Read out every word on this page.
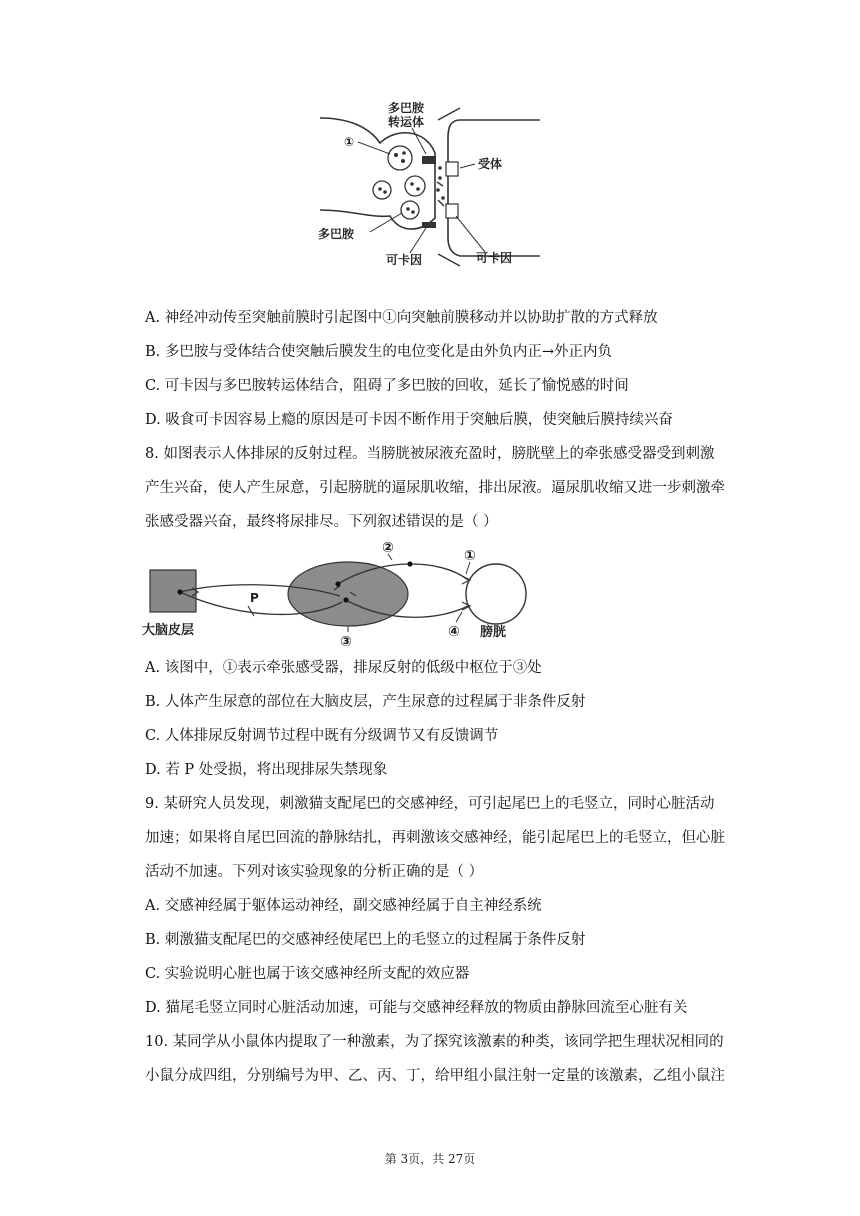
多巴胺
转运体
①
受体
多巴胺
可卡因	可卡因
A. 神经冲动传至突触前膜时引起图中①向突触前膜移动并以协助扩散的方式释放
B. 多巴胺与受体结合使突触后膜发生的电位变化是由外负内正→外正内负
C. 可卡因与多巴胺转运体结合，阻碍了多巴胺的回收，延长了愉悦感的时间
D. 吸食可卡因容易上瘾的原因是可卡因不断作用于突触后膜，使突触后膜持续兴奋
8. 如图表示人体排尿的反射过程。当膀胱被尿液充盈时，膀胱壁上的牵张感受器受到刺激
产生兴奋，使人产生尿意，引起膀胱的逼尿肌收缩，排出尿液。逼尿肌收缩又进一步刺激牵
张感受器兴奋，最终将尿排尽。下列叙述错误的是（ ）
大脑皮层
P
②	①
③
④ 膀胱
A. 该图中，①表示牵张感受器，排尿反射的低级中枢位于③处
B. 人体产生尿意的部位在大脑皮层，产生尿意的过程属于非条件反射
C. 人体排尿反射调节过程中既有分级调节又有反馈调节
D. 若 P 处受损，将出现排尿失禁现象
9. 某研究人员发现，刺激猫支配尾巴的交感神经，可引起尾巴上的毛竖立，同时心脏活动
加速；如果将自尾巴回流的静脉结扎，再刺激该交感神经，能引起尾巴上的毛竖立，但心脏
活动不加速。下列对该实验现象的分析正确的是（ ）
A. 交感神经属于躯体运动神经，副交感神经属于自主神经系统
B. 刺激猫支配尾巴的交感神经使尾巴上的毛竖立的过程属于条件反射
C. 实验说明心脏也属于该交感神经所支配的效应器
D. 猫尾毛竖立同时心脏活动加速，可能与交感神经释放的物质由静脉回流至心脏有关
10. 某同学从小鼠体内提取了一种激素，为了探究该激素的种类，该同学把生理状况相同的
小鼠分成四组，分别编号为甲、乙、丙、丁，给甲组小鼠注射一定量的该激素，乙组小鼠注
第 3页，共 27页
